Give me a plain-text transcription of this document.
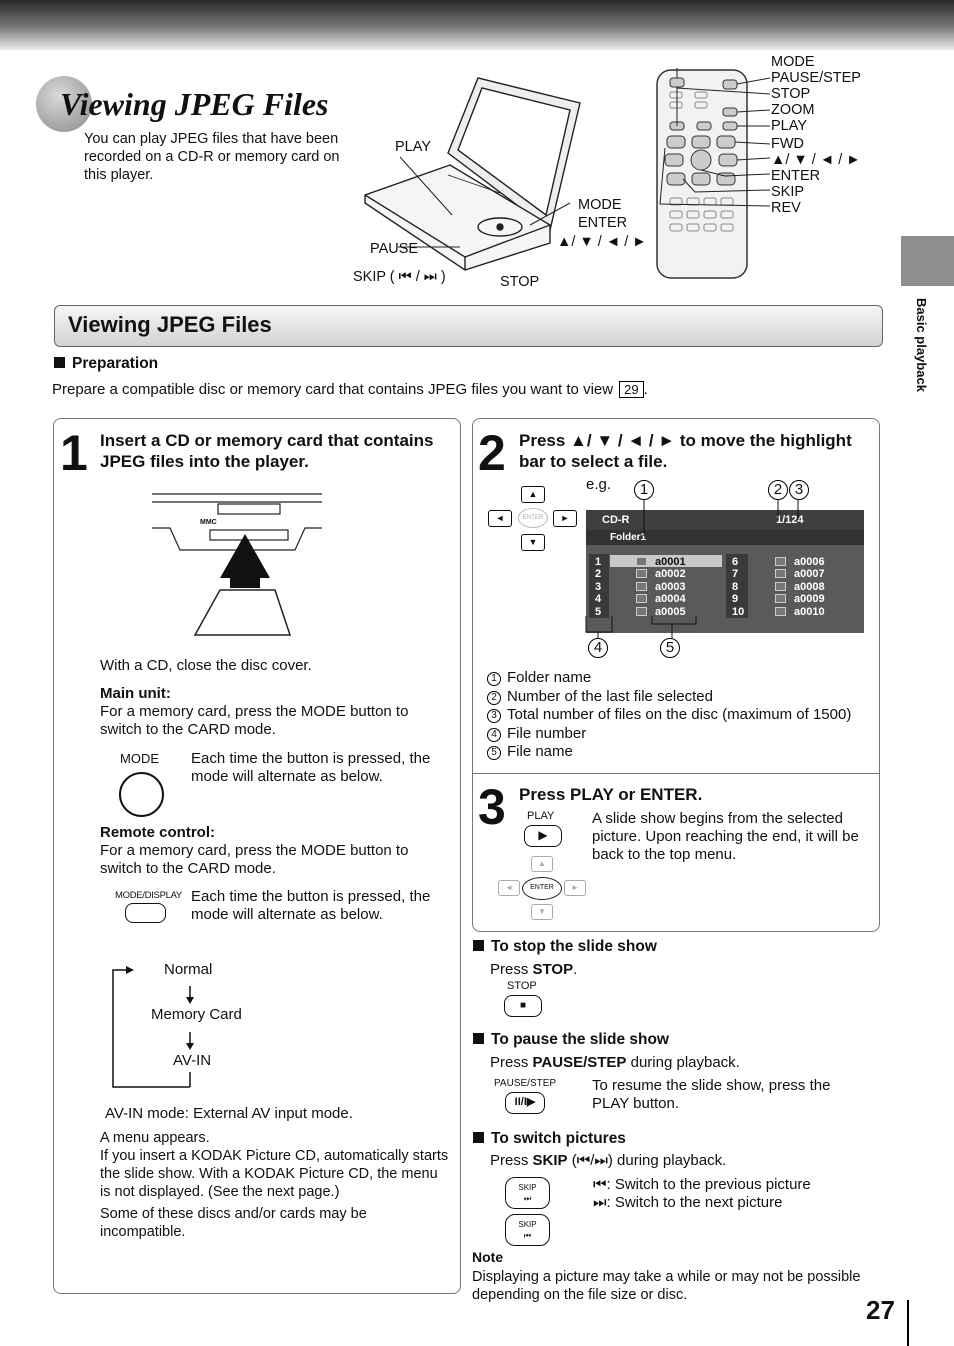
Viewing JPEG Files
You can play JPEG files that have been recorded on a CD-R or memory card on this player.
PLAY
PAUSE
SKIP ( ⏮ / ⏭ )	STOP
MODE
ENTER
▲/ ▼ / ◄ / ►
MODE
PAUSE/STEP
STOP
ZOOM
PLAY
FWD
▲/ ▼ / ◄ / ►
ENTER
SKIP
REV
Basic playback
Viewing JPEG Files
Preparation
Prepare a compatible disc or memory card that contains JPEG files you want to view 29 .
1 Insert a CD or memory card that contains JPEG files into the player.
MMC
With a CD, close the disc cover.
Main unit:
For a memory card, press the MODE button to switch to the CARD mode.
MODE Each time the button is pressed, the mode will alternate as below.
Remote control:
For a memory card, press the MODE button to switch to the CARD mode.
MODE/DISPLAY Each time the button is pressed, the mode will alternate as below.
Normal
Memory Card
AV-IN
AV-IN mode: External AV input mode.
A menu appears.
If you insert a KODAK Picture CD, automatically starts the slide show. With a KODAK Picture CD, the menu is not displayed. (See the next page.)
Some of these discs and/or cards may be incompatible.
2 Press ▲/ ▼ / ◄ / ► to move the highlight bar to select a file.
▲
◄	ENTER	►
▼
e.g.
CD-R	1/124
Folder1
1	a0001
2	a0002
3	a0003
4	a0004
5	a0005
6	a0006
7	a0007
8	a0008
9	a0009
10	a0010
1	2 3
4	5
1 Folder name
2 Number of the last file selected
3 Total number of files on the disc (maximum of 1500)
4 File number
5 File name
3 Press PLAY or ENTER.
PLAY
▶
A slide show begins from the selected picture. Upon reaching the end, it will be back to the top menu.
▲
◄	ENTER	►
▼
To stop the slide show
Press STOP.
STOP
■
To pause the slide show
Press PAUSE/STEP during playback.
PAUSE/STEP
II/I▶
To resume the slide show, press the PLAY button.
To switch pictures
Press SKIP (⏮/⏭) during playback.
SKIP
⏭
SKIP
⏮
⏮: Switch to the previous picture
⏭: Switch to the next picture
Note
Displaying a picture may take a while or may not be possible depending on the file size or disc.	27
